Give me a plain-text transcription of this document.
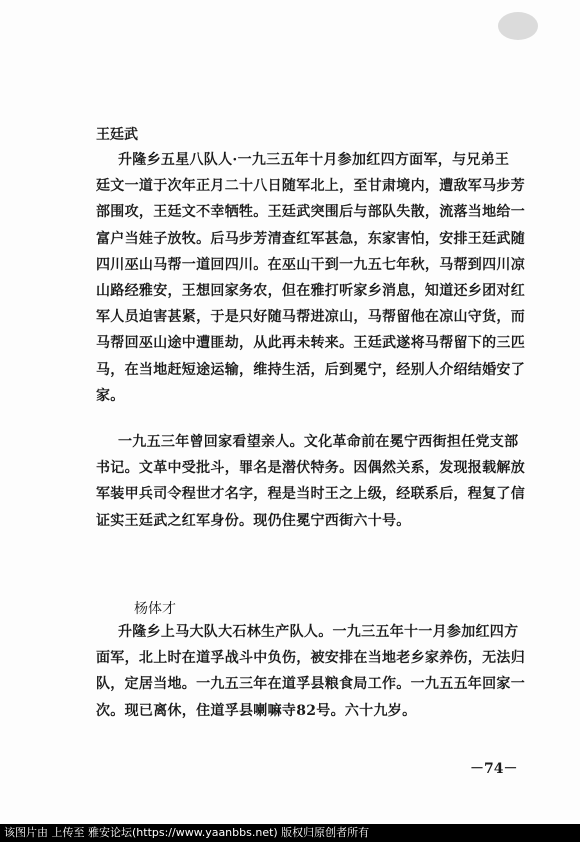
王廷武
升隆乡五星八队人·一九三五年十月参加红四方面军，与兄弟王
廷文一道于次年正月二十八日随军北上，至甘肃境内，遭敌军马步芳
部围攻，王廷文不幸牺牲。王廷武突围后与部队失散，流落当地给一
富户当娃子放牧。后马步芳清查红军甚急，东家害怕，安排王廷武随
四川巫山马帮一道回四川。在巫山干到一九五七年秋，马帮到四川凉
山路经雅安，王想回家务农，但在雅打听家乡消息，知道还乡团对红
军人员迫害甚紧，于是只好随马帮进凉山，马帮留他在凉山守货，而
马帮回巫山途中遭匪劫，从此再未转来。王廷武遂将马帮留下的三匹
马，在当地赶短途运输，维持生活，后到冕宁，经别人介绍结婚安了
家。
一九五三年曾回家看望亲人。文化革命前在冕宁西街担任党支部
书记。文革中受批斗，罪名是潜伏特务。因偶然关系，发现报载解放
军装甲兵司令程世才名字，程是当时王之上级，经联系后，程复了信
证实王廷武之红军身份。现仍住冕宁西街六十号。
杨体才
升隆乡上马大队大石林生产队人。一九三五年十一月参加红四方
面军，北上时在道孚战斗中负伤，被安排在当地老乡家养伤，无法归
队，定居当地。一九五三年在道孚县粮食局工作。一九五五年回家一
次。现已离休，住道孚县喇嘛寺82号。六十九岁。
－74－
该图片由 上传至 雅安论坛(https://www.yaanbbs.net) 版权归原创者所有
